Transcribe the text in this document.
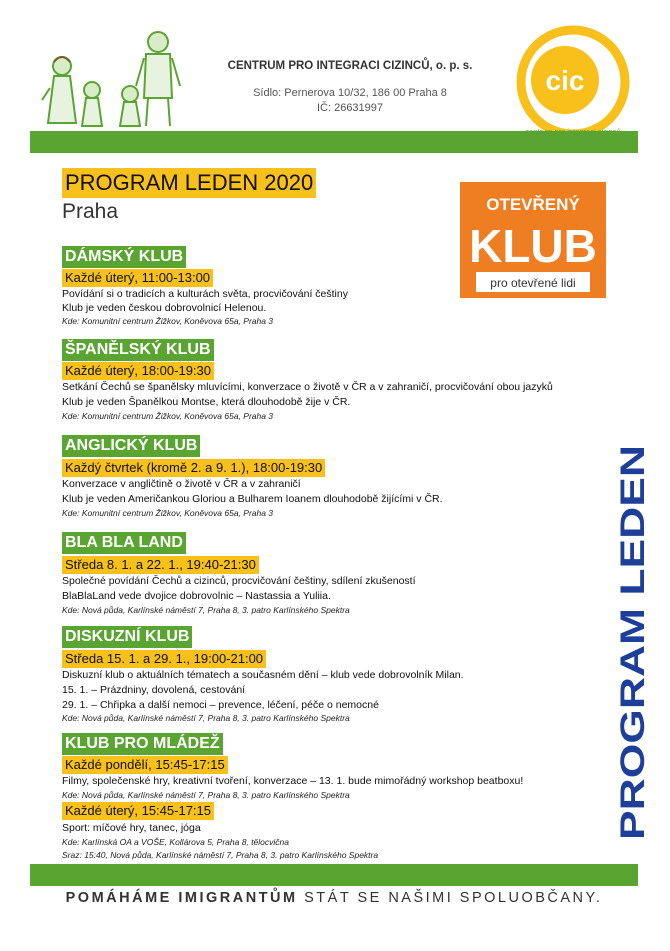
CENTRUM PRO INTEGRACI CIZINCŮ, o. p. s.
Sídlo: Pernerova 10/32, 186 00 Praha 8
IČ: 26631997
cic
PROGRAM LEDEN 2020
Praha	OTEVŘENÝ
KLUB
pro otevřené lidi
DÁMSKÝ KLUB
Každé úterý, 11:00-13:00
Povídání si o tradicích a kulturách světa, procvičování češtiny
Klub je veden českou dobrovolnicí Helenou.
Kde: Komunitní centrum Žižkov, Koněvova 65a, Praha 3
ŠPANĚLSKÝ KLUB
Každé úterý, 18:00-19:30
Setkání Čechů se španělsky mluvícími, konverzace o životě v ČR a v zahraničí, procvičování obou jazyků
Klub je veden Španělkou Montse, která dlouhodobě žije v ČR.
Kde: Komunitní centrum Žižkov, Koněvova 65a, Praha 3
ANGLICKÝ KLUB
Každý čtvrtek (kromě 2. a 9. 1.), 18:00-19:30
Konverzace v angličtině o životě v ČR a v zahraničí
Klub je veden Američankou Gloriou a Bulharem Ioanem dlouhodobě žijícími v ČR.
Kde: Komunitní centrum Žižkov, Koněvova 65a, Praha 3
BLA BLA LAND
Středa 8. 1. a 22. 1., 19:40-21:30
Společné povídání Čechů a cizinců, procvičování češtiny, sdílení zkušeností
BlaBlaLand vede dvojice dobrovolnic – Nastassia a Yuliia.
Kde: Nová půda, Karlínské náměstí 7, Praha 8, 3. patro Karlínského Spektra
DISKUZNÍ KLUB
Středa 15. 1. a 29. 1., 19:00-21:00
Diskuzní klub o aktuálních tématech a současném dění – klub vede dobrovolník Milan.
15. 1. – Prázdniny, dovolená, cestování
29. 1. – Chřipka a další nemoci – prevence, léčení, péče o nemocné
Kde: Nová půda, Karlínské náměstí 7, Praha 8, 3. patro Karlínského Spektra
KLUB PRO MLÁDEŽ
Každé pondělí, 15:45-17:15
Filmy, společenské hry, kreativní tvoření, konverzace – 13. 1. bude mimořádný workshop beatboxu!
Kde: Nová půda, Karlínské náměstí 7, Praha 8, 3. patro Karlínského Spektra
Každé úterý, 15:45-17:15
Sport: míčové hry, tanec, jóga
Kde: Karlínská OA a VOŠE, Kollárova 5, Praha 8, tělocvična
Sraz: 15:40, Nová půda, Karlínské náměstí 7, Praha 8, 3. patro Karlínského Spektra
PROGRAM LEDEN
POMÁHÁME IMIGRANTŮM STÁT SE NAŠIMI SPOLUOBČANY.
